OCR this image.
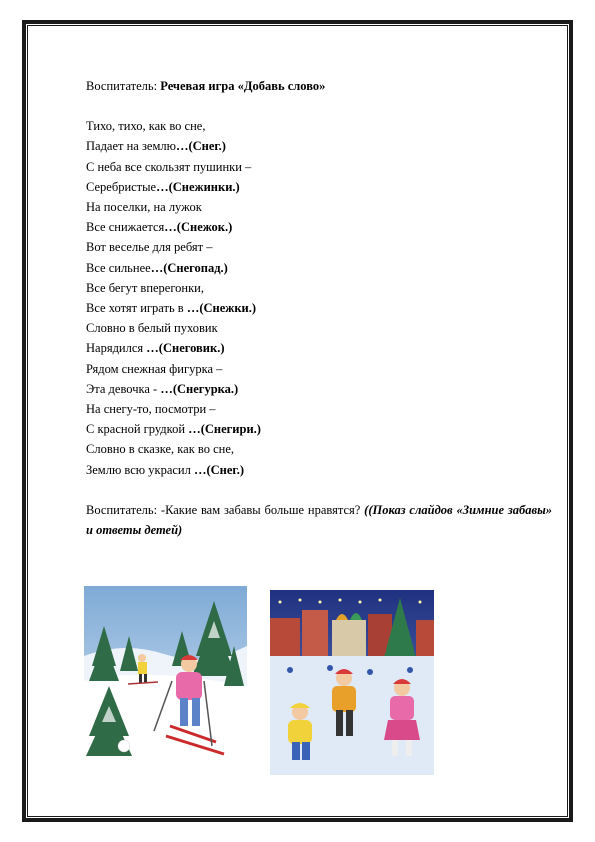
Воспитатель: Речевая игра «Добавь слово»
Тихо, тихо, как во сне,
Падает на землю…(Снег.)
С неба все скользят пушинки –
Серебристые…(Снежинки.)
На поселки, на лужок
Все снижается…(Снежок.)
Вот веселье для ребят –
Все сильнее…(Снегопад.)
Все бегут вперегонки,
Все хотят играть в …(Снежки.)
Словно в белый пуховик
Нарядился …(Снеговик.)
Рядом снежная фигурка –
Эта девочка - …(Снегурка.)
На снегу-то, посмотри –
С красной грудкой …(Снегири.)
Словно в сказке, как во сне,
Землю всю украсил …(Снег.)
Воспитатель: -Какие вам забавы больше нравятся? ((Показ слайдов «Зимние забавы» и ответы детей)
